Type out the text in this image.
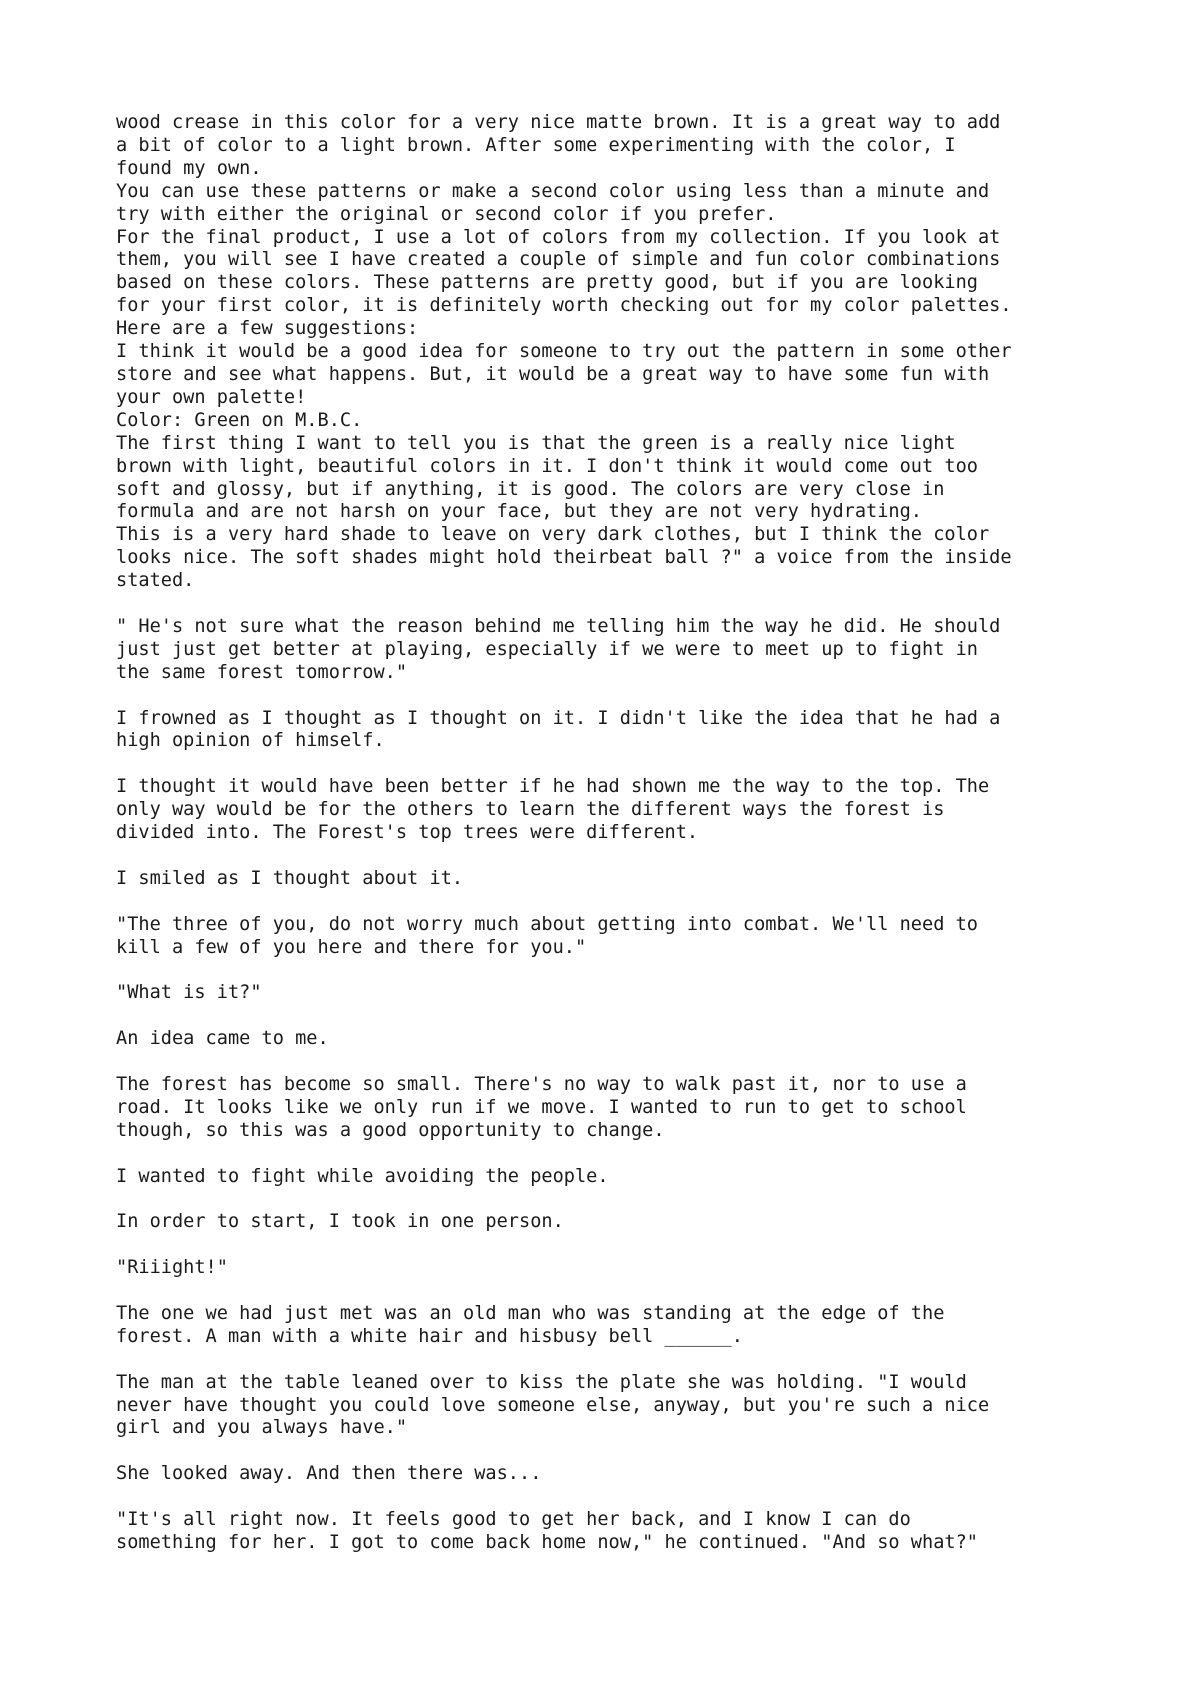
wood crease in this color for a very nice matte brown. It is a great way to add
a bit of color to a light brown. After some experimenting with the color, I
found my own.

You can use these patterns or make a second color using less than a minute and
try with either the original or second color if you prefer.

For the final product, I use a lot of colors from my collection. If you look at
them, you will see I have created a couple of simple and fun color combinations
based on these colors. These patterns are pretty good, but if you are looking
for your first color, it is definitely worth checking out for my color palettes.

Here are a few suggestions:

I think it would be a good idea for someone to try out the pattern in some other
store and see what happens. But, it would be a great way to have some fun with
your own palette!

Color: Green on M.B.C.

The first thing I want to tell you is that the green is a really nice light
brown with light, beautiful colors in it. I don't think it would come out too
soft and glossy, but if anything, it is good. The colors are very close in
formula and are not harsh on your face, but they are not very hydrating.

This is a very hard shade to leave on very dark clothes, but I think the color
looks nice. The soft shades might hold theirbeat ball ?" a voice from the inside
stated.

" He's not sure what the reason behind me telling him the way he did. He should
just just get better at playing, especially if we were to meet up to fight in
the same forest tomorrow."

I frowned as I thought as I thought on it. I didn't like the idea that he had a
high opinion of himself.

I thought it would have been better if he had shown me the way to the top. The
only way would be for the others to learn the different ways the forest is
divided into. The Forest's top trees were different.

I smiled as I thought about it.

"The three of you, do not worry much about getting into combat. We'll need to
kill a few of you here and there for you."

"What is it?"

An idea came to me.

The forest has become so small. There's no way to walk past it, nor to use a
road. It looks like we only run if we move. I wanted to run to get to school
though, so this was a good opportunity to change.

I wanted to fight while avoiding the people.

In order to start, I took in one person.

"Riiight!"

The one we had just met was an old man who was standing at the edge of the
forest. A man with a white hair and hisbusy bell ______.

The man at the table leaned over to kiss the plate she was holding. "I would
never have thought you could love someone else, anyway, but you're such a nice
girl and you always have."

She looked away. And then there was...

"It's all right now. It feels good to get her back, and I know I can do
something for her. I got to come back home now," he continued. "And so what?"
